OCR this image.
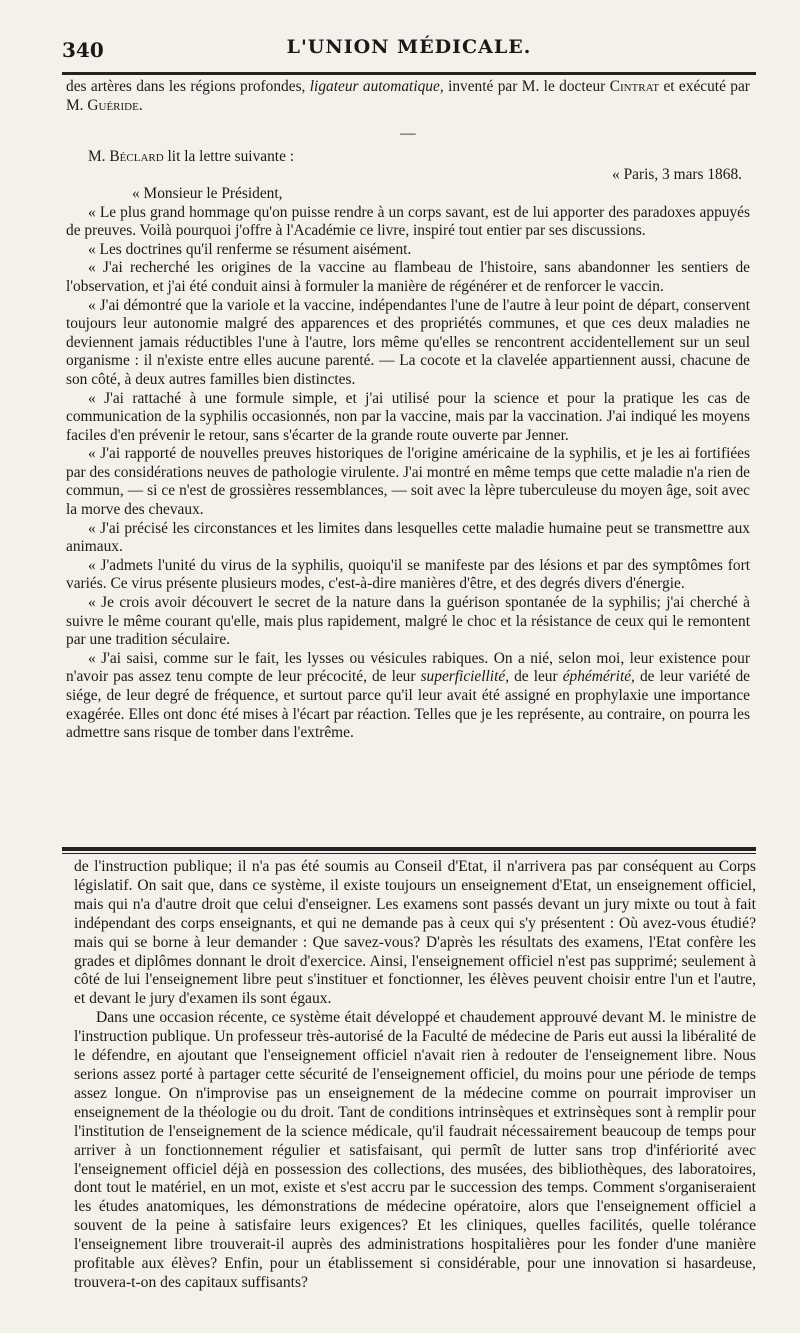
340	L'UNION MÉDICALE.

des artères dans les régions profondes, ligateur automatique, inventé par M. le docteur Cintrat et exécuté par M. Guéride.

—

M. Béclard lit la lettre suivante :

« Paris, 3 mars 1868.

« Monsieur le Président,

« Le plus grand hommage qu'on puisse rendre à un corps savant, est de lui apporter des paradoxes appuyés de preuves. Voilà pourquoi j'offre à l'Académie ce livre, inspiré tout entier par ses discussions.

« Les doctrines qu'il renferme se résument aisément.

« J'ai recherché les origines de la vaccine au flambeau de l'histoire, sans abandonner les sentiers de l'observation, et j'ai été conduit ainsi à formuler la manière de régénérer et de renforcer le vaccin.

« J'ai démontré que la variole et la vaccine, indépendantes l'une de l'autre à leur point de départ, conservent toujours leur autonomie malgré des apparences et des propriétés communes, et que ces deux maladies ne deviennent jamais réductibles l'une à l'autre, lors même qu'elles se rencontrent accidentellement sur un seul organisme : il n'existe entre elles aucune parenté. — La cocote et la clavelée appartiennent aussi, chacune de son côté, à deux autres familles bien distinctes.

« J'ai rattaché à une formule simple, et j'ai utilisé pour la science et pour la pratique les cas de communication de la syphilis occasionnés, non par la vaccine, mais par la vaccination. J'ai indiqué les moyens faciles d'en prévenir le retour, sans s'écarter de la grande route ouverte par Jenner.

« J'ai rapporté de nouvelles preuves historiques de l'origine américaine de la syphilis, et je les ai fortifiées par des considérations neuves de pathologie virulente. J'ai montré en même temps que cette maladie n'a rien de commun, — si ce n'est de grossières ressemblances, — soit avec la lèpre tuberculeuse du moyen âge, soit avec la morve des chevaux.

« J'ai précisé les circonstances et les limites dans lesquelles cette maladie humaine peut se transmettre aux animaux.

« J'admets l'unité du virus de la syphilis, quoiqu'il se manifeste par des lésions et par des symptômes fort variés. Ce virus présente plusieurs modes, c'est-à-dire manières d'être, et des degrés divers d'énergie.

« Je crois avoir découvert le secret de la nature dans la guérison spontanée de la syphilis; j'ai cherché à suivre le même courant qu'elle, mais plus rapidement, malgré le choc et la résistance de ceux qui le remontent par une tradition séculaire.

« J'ai saisi, comme sur le fait, les lysses ou vésicules rabiques. On a nié, selon moi, leur existence pour n'avoir pas assez tenu compte de leur précocité, de leur superficiellité, de leur éphémérité, de leur variété de siége, de leur degré de fréquence, et surtout parce qu'il leur avait été assigné en prophylaxie une importance exagérée. Elles ont donc été mises à l'écart par réaction. Telles que je les représente, au contraire, on pourra les admettre sans risque de tomber dans l'extrême.

de l'instruction publique; il n'a pas été soumis au Conseil d'Etat, il n'arrivera pas par conséquent au Corps législatif. On sait que, dans ce système, il existe toujours un enseignement d'Etat, un enseignement officiel, mais qui n'a d'autre droit que celui d'enseigner. Les examens sont passés devant un jury mixte ou tout à fait indépendant des corps enseignants, et qui ne demande pas à ceux qui s'y présentent : Où avez-vous étudié? mais qui se borne à leur demander : Que savez-vous? D'après les résultats des examens, l'Etat confère les grades et diplômes donnant le droit d'exercice. Ainsi, l'enseignement officiel n'est pas supprimé; seulement à côté de lui l'enseignement libre peut s'instituer et fonctionner, les élèves peuvent choisir entre l'un et l'autre, et devant le jury d'examen ils sont égaux.

Dans une occasion récente, ce système était développé et chaudement approuvé devant M. le ministre de l'instruction publique. Un professeur très-autorisé de la Faculté de médecine de Paris eut aussi la libéralité de le défendre, en ajoutant que l'enseignement officiel n'avait rien à redouter de l'enseignement libre. Nous serions assez porté à partager cette sécurité de l'enseignement officiel, du moins pour une période de temps assez longue. On n'improvise pas un enseignement de la médecine comme on pourrait improviser un enseignement de la théologie ou du droit. Tant de conditions intrinsèques et extrinsèques sont à remplir pour l'institution de l'enseignement de la science médicale, qu'il faudrait nécessairement beaucoup de temps pour arriver à un fonctionnement régulier et satisfaisant, qui permît de lutter sans trop d'infériorité avec l'enseignement officiel déjà en possession des collections, des musées, des bibliothèques, des laboratoires, dont tout le matériel, en un mot, existe et s'est accru par le succession des temps. Comment s'organiseraient les études anatomiques, les démonstrations de médecine opératoire, alors que l'enseignement officiel a souvent de la peine à satisfaire leurs exigences? Et les cliniques, quelles facilités, quelle tolérance l'enseignement libre trouverait-il auprès des administrations hospitalières pour les fonder d'une manière profitable aux élèves? Enfin, pour un établissement si considérable, pour une innovation si hasardeuse, trouvera-t-on des capitaux suffisants?
